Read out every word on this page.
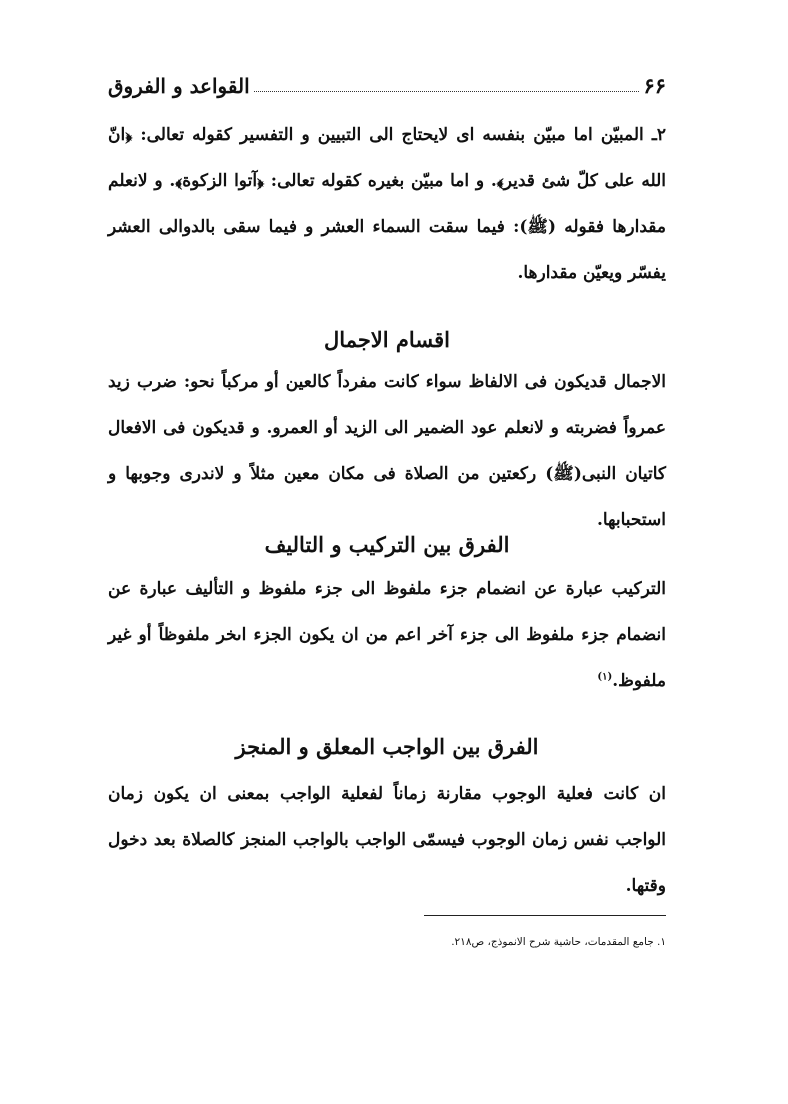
۶۶
القواعد و الفروق

٢ـ المبيّن اما مبيّن بنفسه اى لايحتاج الى التبيين و التفسير كقوله تعالى: ﴿انّ الله على كلّ شئ قدير﴾. و اما مبيّن بغيره كقوله تعالى: ﴿آتوا الزكوة﴾. و لانعلم مقدارها فقوله (ﷺ): فيما سقت السماء العشر و فيما سقى بالدوالى العشر يفسّر ويعيّن مقدارها.

اقسام الاجمال

الاجمال قديكون فى الالفاظ سواء كانت مفرداً كالعين أو مركباً نحو: ضرب زيد عمرواً فضربته و لانعلم عود الضمير الى الزيد أو العمرو. و قديكون فى الافعال كاتيان النبى(ﷺ) ركعتين من الصلاة فى مكان معين مثلاً و لاندرى وجوبها و استحبابها.

الفرق بين التركيب و التاليف

التركيب عبارة عن انضمام جزء ملفوظ الى جزء ملفوظ و التأليف عبارة عن انضمام جزء ملفوظ الى جزء آخر اعم من ان يكون الجزء اىخر ملفوظاً أو غير ملفوظ.$^{(١)}$

الفرق بين الواجب المعلق و المنجز

ان كانت فعلية الوجوب مقارنة زماناً لفعلية الواجب بمعنى ان يكون زمان الواجب نفس زمان الوجوب فيسمّى الواجب بالواجب المنجز كالصلاة بعد دخول وقتها.

١. جامع المقدمات، حاشية شرح الانموذج، ص٢١٨.
